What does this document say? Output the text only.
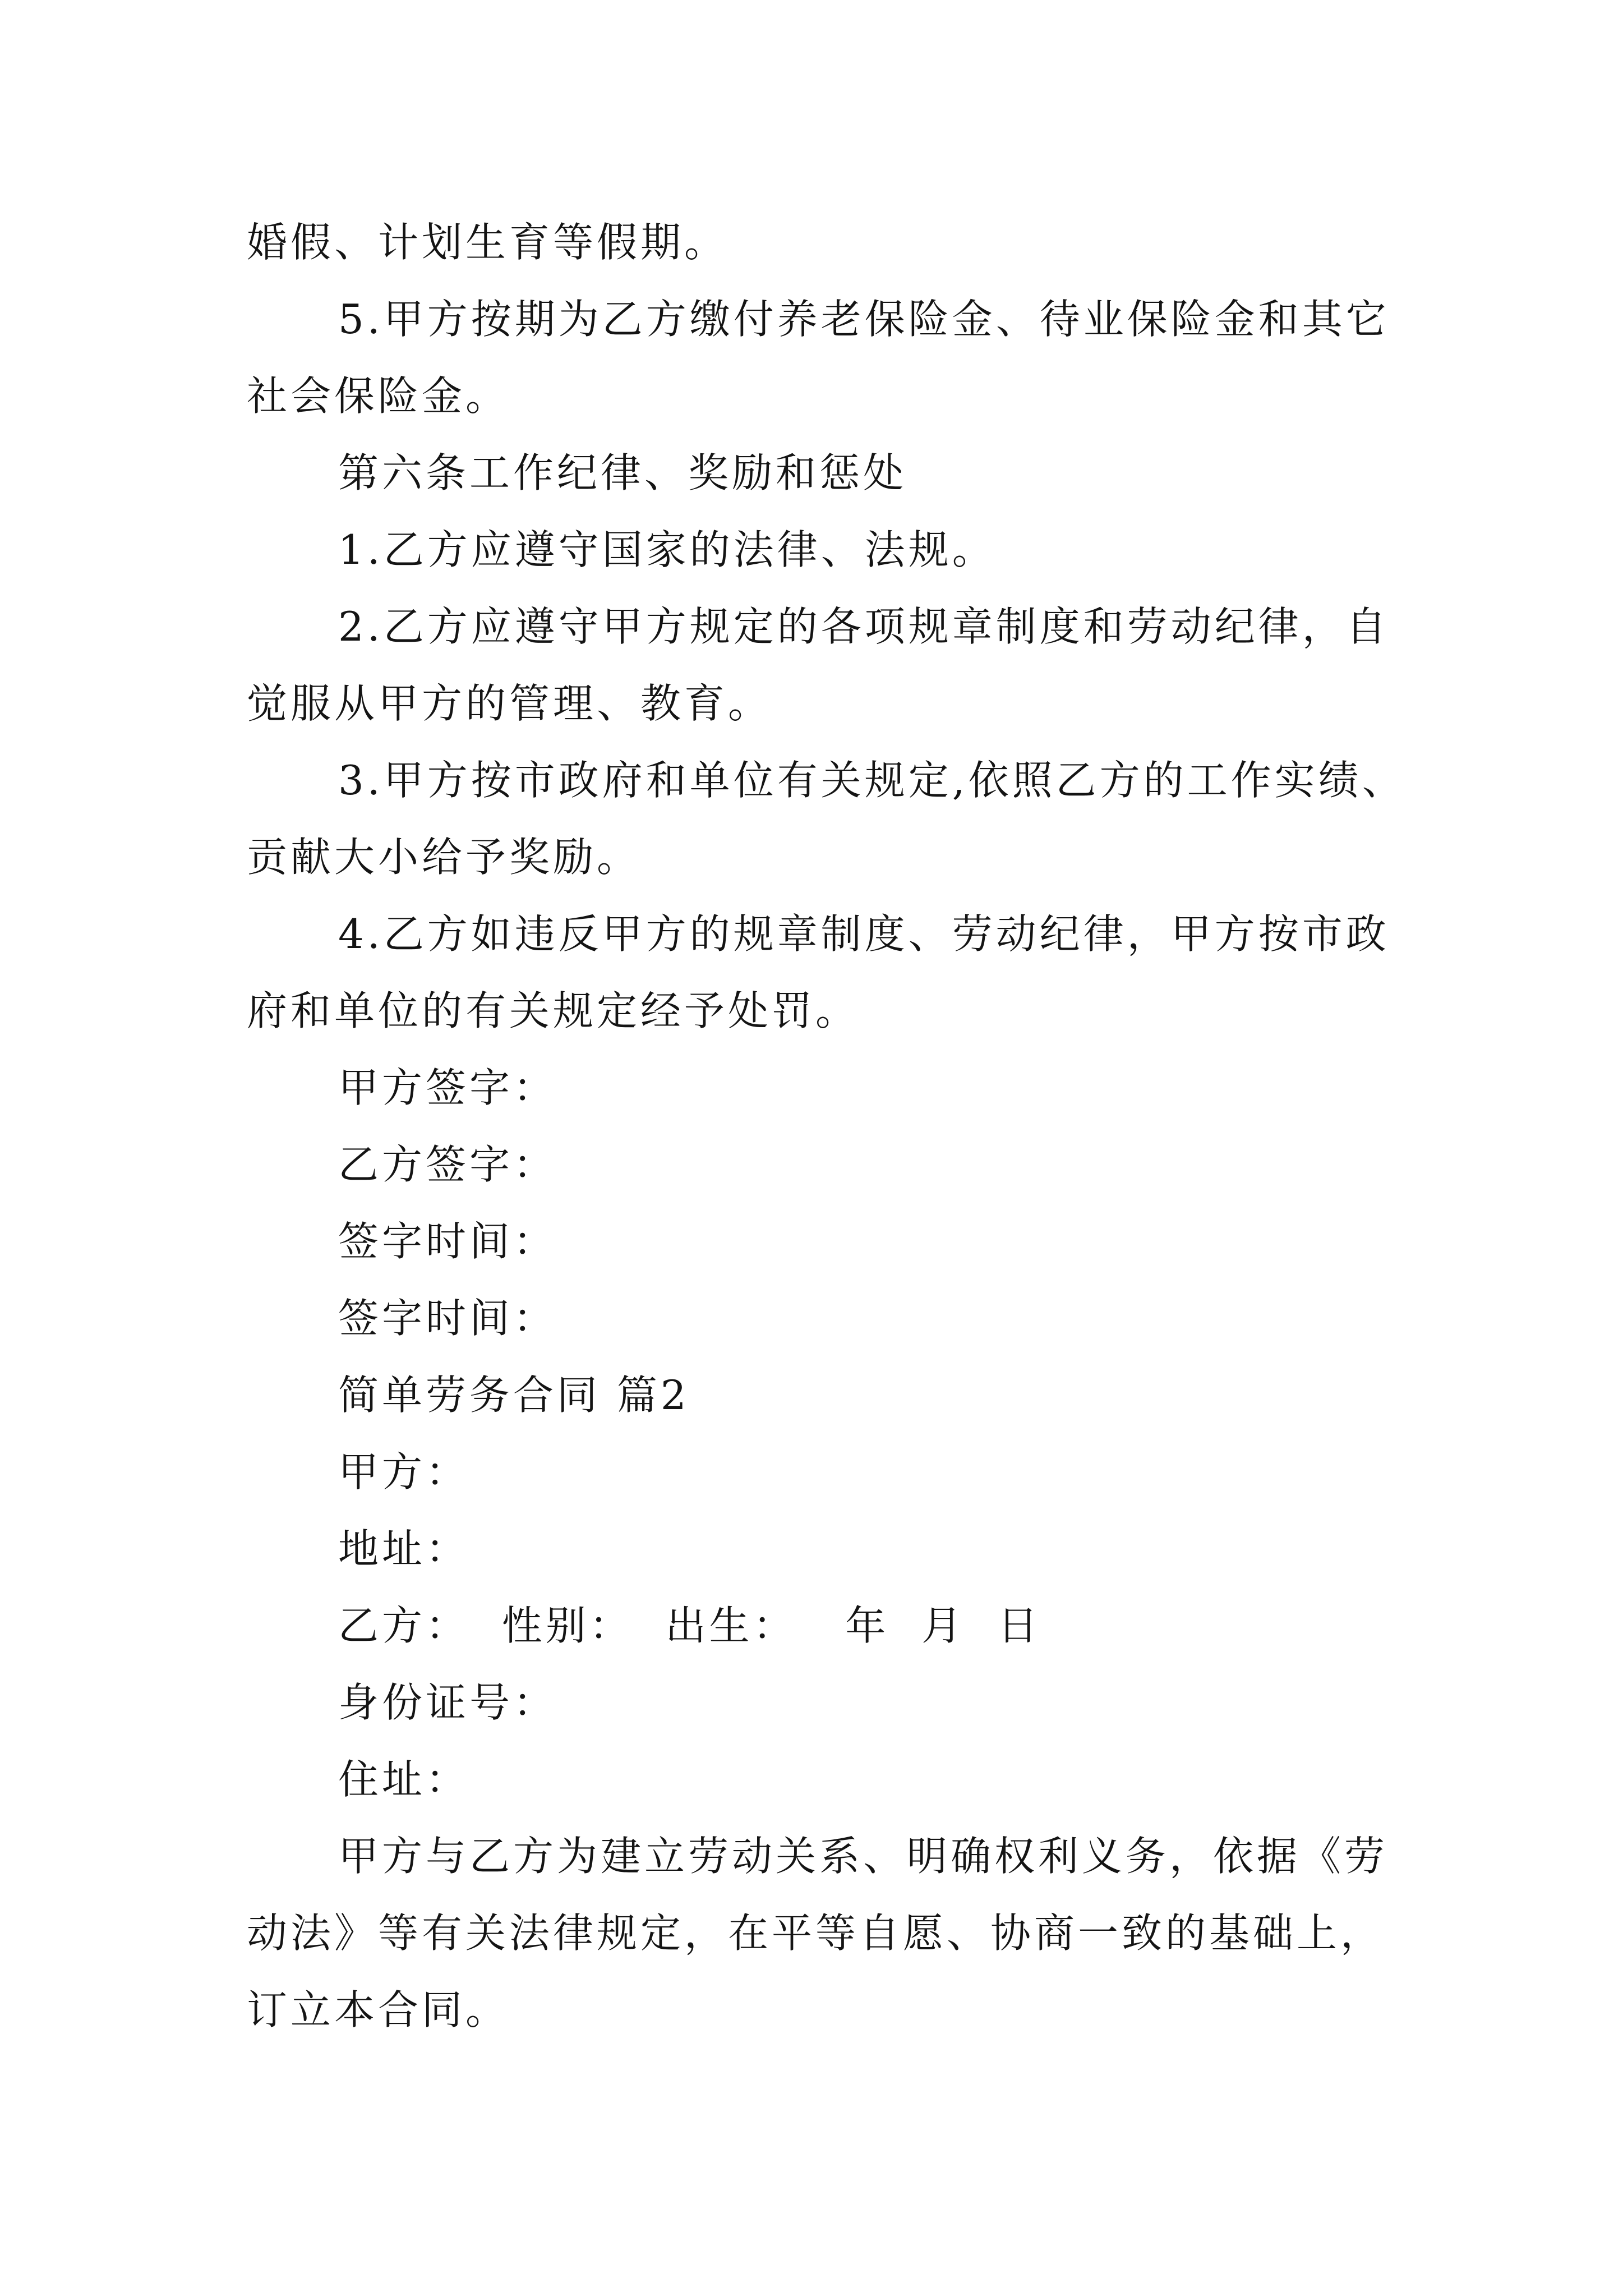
婚假、计划生育等假期。
5.甲方按期为乙方缴付养老保险金、待业保险金和其它
社会保险金。
第六条工作纪律、奖励和惩处
1.乙方应遵守国家的法律、法规。
2.乙方应遵守甲方规定的各项规章制度和劳动纪律，自
觉服从甲方的管理、教育。
3.甲方按市政府和单位有关规定,依照乙方的工作实绩、
贡献大小给予奖励。
4.乙方如违反甲方的规章制度、劳动纪律，甲方按市政
府和单位的有关规定经予处罚。
甲方签字：
乙方签字：
签字时间：
签字时间：
简单劳务合同 篇2
甲方：
地址：
乙方：  性别：  出生：   年  月  日
身份证号：
住址：
甲方与乙方为建立劳动关系、明确权利义务，依据《劳
动法》等有关法律规定，在平等自愿、协商一致的基础上，
订立本合同。
